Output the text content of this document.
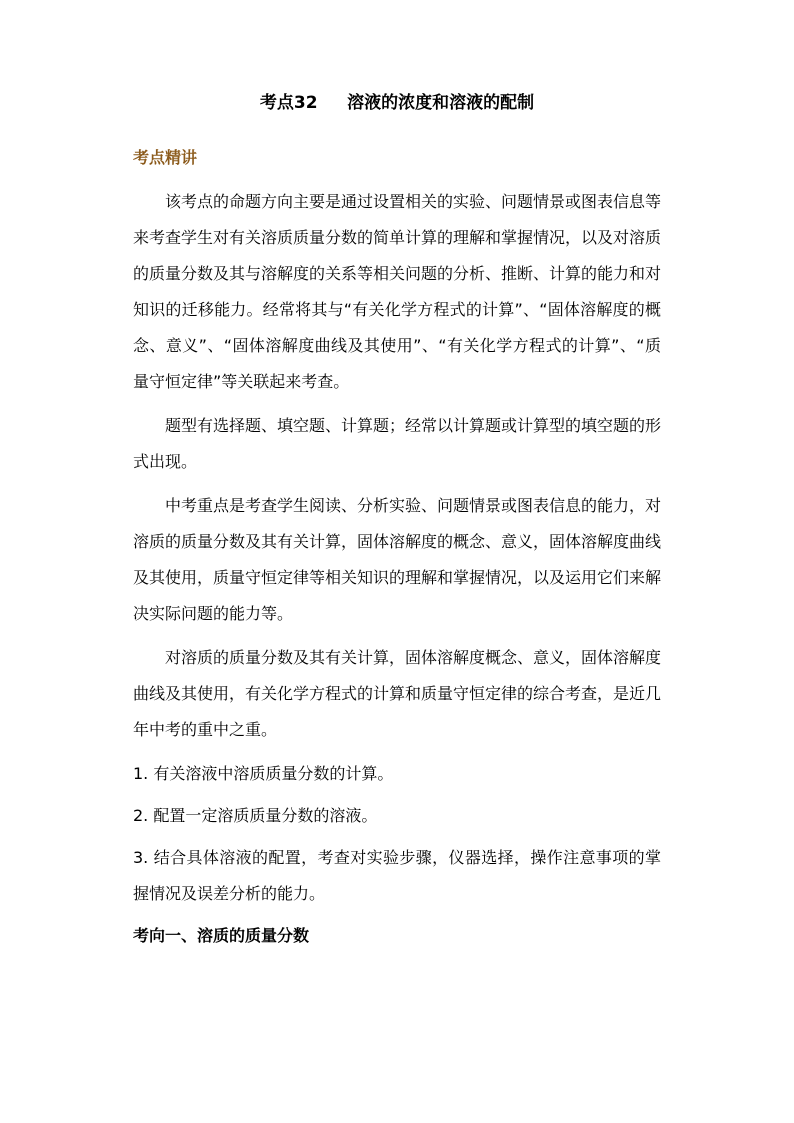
考点32     溶液的浓度和溶液的配制
考点精讲

该考点的命题方向主要是通过设置相关的实验、问题情景或图表信息等来考查学生对有关溶质质量分数的简单计算的理解和掌握情况，以及对溶质的质量分数及其与溶解度的关系等相关问题的分析、推断、计算的能力和对知识的迁移能力。经常将其与“有关化学方程式的计算”、“固体溶解度的概念、意义”、“固体溶解度曲线及其使用”、“有关化学方程式的计算”、“质量守恒定律”等关联起来考查。

题型有选择题、填空题、计算题；经常以计算题或计算型的填空题的形式出现。

中考重点是考查学生阅读、分析实验、问题情景或图表信息的能力，对溶质的质量分数及其有关计算，固体溶解度的概念、意义，固体溶解度曲线及其使用，质量守恒定律等相关知识的理解和掌握情况，以及运用它们来解决实际问题的能力等。

对溶质的质量分数及其有关计算，固体溶解度概念、意义，固体溶解度曲线及其使用，有关化学方程式的计算和质量守恒定律的综合考查，是近几年中考的重中之重。

1. 有关溶液中溶质质量分数的计算。

2. 配置一定溶质质量分数的溶液。

3. 结合具体溶液的配置，考查对实验步骤，仪器选择，操作注意事项的掌握情况及误差分析的能力。

考向一、溶质的质量分数
